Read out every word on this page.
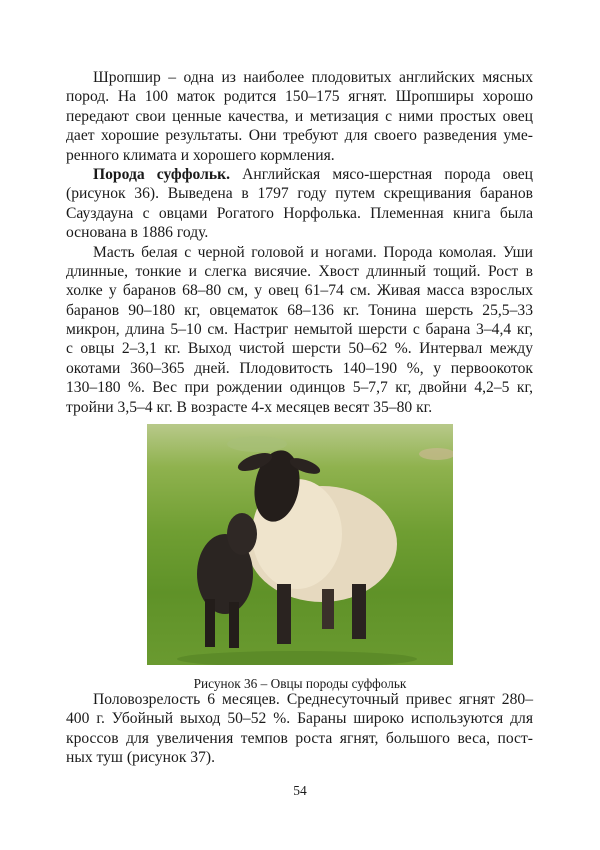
Шропшир – одна из наиболее плодовитых английских мясных
пород. На 100 маток родится 150–175 ягнят. Шропширы хорошо
передают свои ценные качества, и метизация с ними простых овец
дает хорошие результаты. Они требуют для своего разведения уме-
ренного климата и хорошего кормления.
Порода суффольк. Английская мясо-шерстная порода овец
(рисунок 36). Выведена в 1797 году путем скрещивания баранов
Сауздауна с овцами Рогатого Норфолька. Племенная книга была
основана в 1886 году.
Масть белая с черной головой и ногами. Порода комолая. Уши
длинные, тонкие и слегка висячие. Хвост длинный тощий. Рост в
холке у баранов 68–80 см, у овец 61–74 см. Живая масса взрослых
баранов 90–180 кг, овцематок 68–136 кг. Тонина шерсть 25,5–33
микрон, длина 5–10 см. Настриг немытой шерсти с барана 3–4,4 кг,
с овцы 2–3,1 кг. Выход чистой шерсти 50–62 %. Интервал между
окотами 360–365 дней. Плодовитость 140–190 %, у первоокоток
130–180 %. Вес при рождении одинцов 5–7,7 кг, двойни 4,2–5 кг,
тройни 3,5–4 кг. В возрасте 4-х месяцев весят 35–80 кг.
Рисунок 36 – Овцы породы суффольк
Половозрелость 6 месяцев. Среднесуточный привес ягнят 280–
400 г. Убойный выход 50–52 %. Бараны широко используются для
кроссов для увеличения темпов роста ягнят, большого веса, пост-
ных туш (рисунок 37).
54
